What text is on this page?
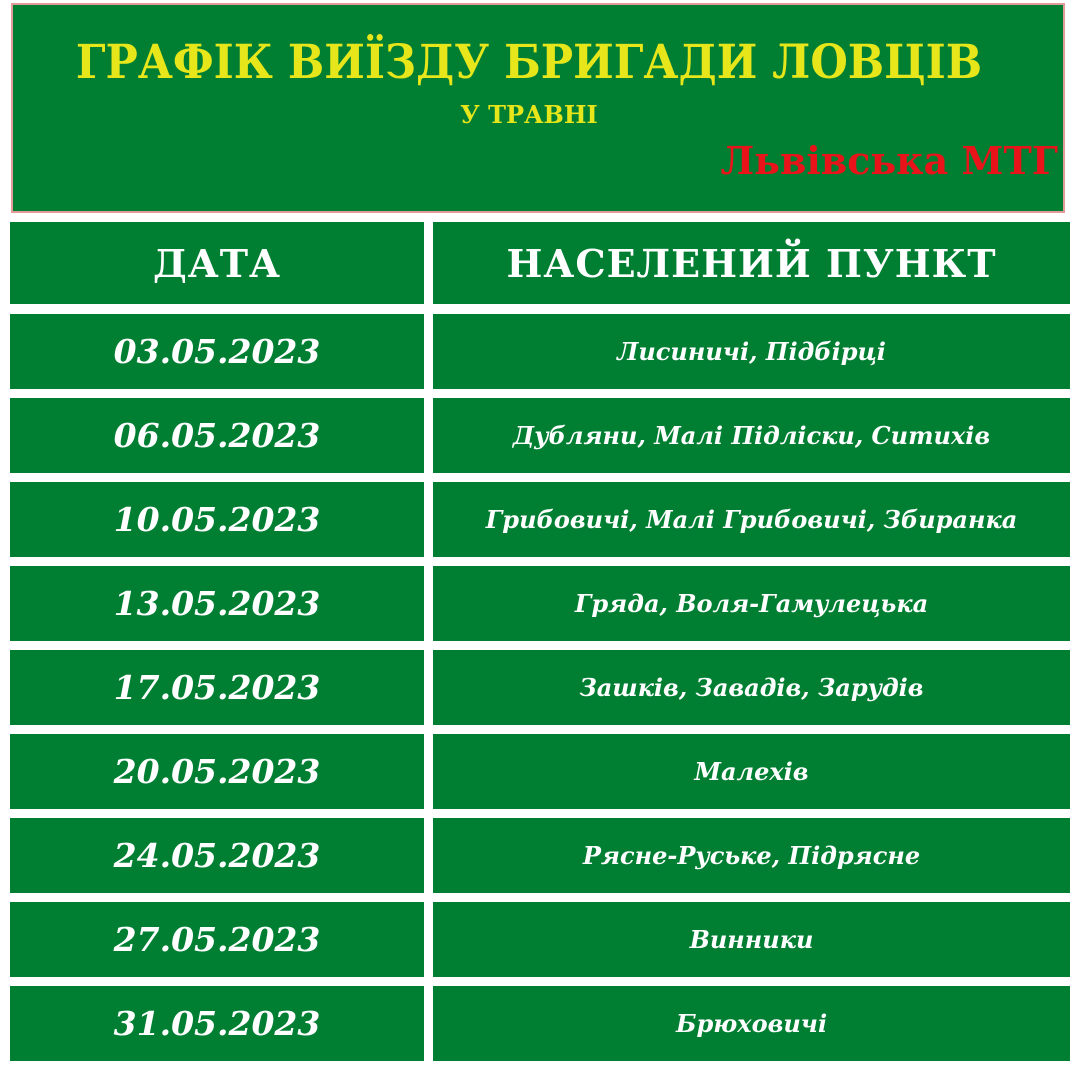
ГРАФІК ВИЇЗДУ БРИГАДИ ЛОВЦІВ
У ТРАВНІ
Львівська МТГ
ДАТА	НАСЕЛЕНИЙ ПУНКТ
03.05.2023	Лисиничі, Підбірці
06.05.2023	Дубляни, Малі Підліски, Ситихів
10.05.2023	Грибовичі, Малі Грибовичі, Збиранка
13.05.2023	Гряда, Воля-Гамулецька
17.05.2023	Зашків, Завадів, Зарудів
20.05.2023	Малехів
24.05.2023	Рясне-Руське, Підрясне
27.05.2023	Винники
31.05.2023	Брюховичі
